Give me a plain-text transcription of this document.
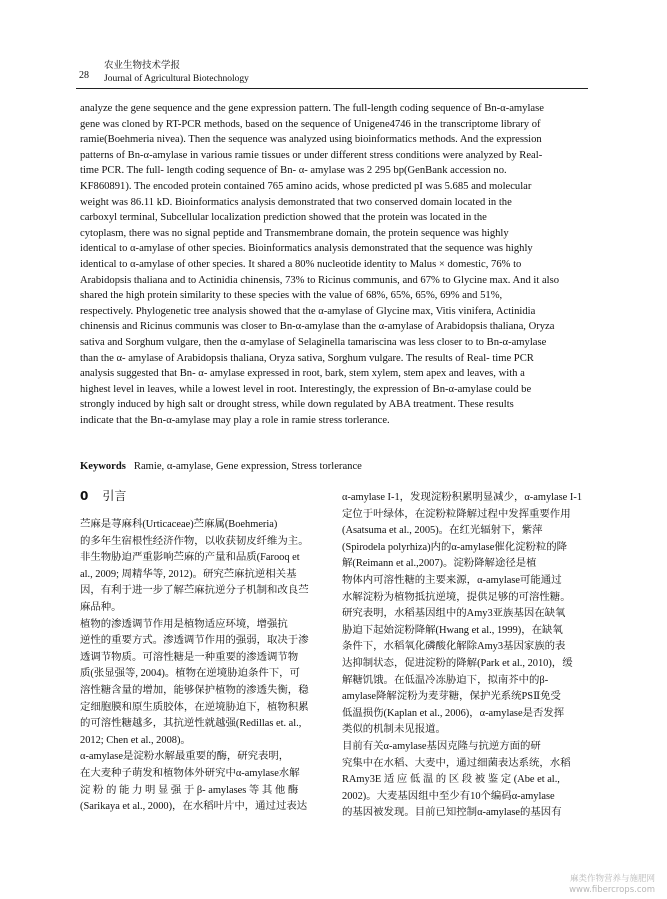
28
农业生物技术学报
Journal of Agricultural Biotechnology
analyze the gene sequence and the gene expression pattern. The full-length coding sequence of Bn-α-amylase
gene was cloned by RT-PCR methods, based on the sequence of Unigene4746 in the transcriptome library of
ramie(Boehmeria nivea). Then the sequence was analyzed using bioinformatics methods. And the expression
patterns of Bn-α-amylase in various ramie tissues or under different stress conditions were analyzed by Real-
time PCR. The full- length coding sequence of Bn- α- amylase was 2 295 bp(GenBank accession no.
KF860891). The encoded protein contained 765 amino acids, whose predicted pI was 5.685 and molecular
weight was 86.11 kD. Bioinformatics analysis demonstrated that two conserved domain located in the
carboxyl terminal, Subcellular localization prediction showed that the protein was located in the
cytoplasm, there was no signal peptide and Transmembrane domain, the protein sequence was highly
identical to α-amylase of other species. Bioinformatics analysis demonstrated that the sequence was highly
identical to α-amylase of other species. It shared a 80% nucleotide identity to Malus × domestic, 76% to
Arabidopsis thaliana and to Actinidia chinensis, 73% to Ricinus communis, and 67% to Glycine max. And it also
shared the high protein similarity to these species with the value of 68%, 65%, 65%, 69% and 51%,
respectively. Phylogenetic tree analysis showed that the α-amylase of Glycine max, Vitis vinifera, Actinidia
chinensis and Ricinus communis was closer to Bn-α-amylase than the α-amylase of Arabidopsis thaliana, Oryza
sativa and Sorghum vulgare, then the α-amylase of Selaginella tamariscina was less closer to to Bn-α-amylase
than the α- amylase of Arabidopsis thaliana, Oryza sativa, Sorghum vulgare. The results of Real- time PCR
analysis suggested that Bn- α- amylase expressed in root, bark, stem xylem, stem apex and leaves, with a
highest level in leaves, while a lowest level in root. Interestingly, the expression of Bn-α-amylase could be
strongly induced by high salt or drought stress, while down regulated by ABA treatment. These results
indicate that the Bn-α-amylase may play a role in ramie stress torlerance.
Keywords Ramie, α-amylase, Gene expression, Stress torlerance
0 引言

苎麻是荨麻科(Urticaceae)苎麻属(Boehmeria)
的多年生宿根性经济作物，以收获韧皮纤维为主。
非生物胁迫严重影响苎麻的产量和品质(Farooq et
al., 2009; 周精华等, 2012)。研究苎麻抗逆相关基
因，有利于进一步了解苎麻抗逆分子机制和改良苎
麻品种。

植物的渗透调节作用是植物适应环境，增强抗
逆性的重要方式。渗透调节作用的强弱，取决于渗
透调节物质。可溶性糖是一种重要的渗透调节物
质(张显强等, 2004)。植物在逆境胁迫条件下，可
溶性糖含量的增加，能够保护植物的渗透失衡，稳
定细胞膜和原生质胶体，在逆境胁迫下，植物积累
的可溶性糖越多，其抗逆性就越强(Redillas et. al.,
2012; Chen et al., 2008)。

α-amylase是淀粉水解最重要的酶，研究表明，
在大麦种子萌发和植物体外研究中α-amylase水解
淀 粉 的 能 力 明 显 强 于 β- amylases 等 其 他 酶
(Sarikaya et al., 2000)，在水稻叶片中，通过过表达

α-amylase I-1，发现淀粉积累明显减少，α-amylase I-1
定位于叶绿体，在淀粉粒降解过程中发挥重要作用
(Asatsuma et al., 2005)。在红光辐射下，紫萍
(Spirodela polyrhiza)内的α-amylase催化淀粉粒的降
解(Reimann et al.,2007)。淀粉降解途径是植
物体内可溶性糖的主要来源，α-amylase可能通过
水解淀粉为植物抵抗逆境，提供足够的可溶性糖。
研究表明，水稻基因组中的Amy3亚族基因在缺氧
胁迫下起始淀粉降解(Hwang et al., 1999)，在缺氧
条件下，水稻氧化磷酸化解除Amy3基因家族的表
达抑制状态，促进淀粉的降解(Park et al., 2010)，缓
解糖饥饿。在低温冷冻胁迫下，拟南芥中的β-
amylase降解淀粉为麦芽糖，保护光系统PSⅡ免受
低温损伤(Kaplan et al., 2006)，α-amylase是否发挥
类似的机制未见报道。

目前有关α-amylase基因克隆与抗逆方面的研
究集中在水稻、大麦中，通过细菌表达系统，水稻
RAmy3E 适 应 低 温 的 区 段 被 鉴 定 (Abe et al.,
2002)。大麦基因组中至少有10个编码α-amylase
的基因被发现。目前已知控制α-amylase的基因有

麻类作物营养与施肥网
www.fibercrops.com
